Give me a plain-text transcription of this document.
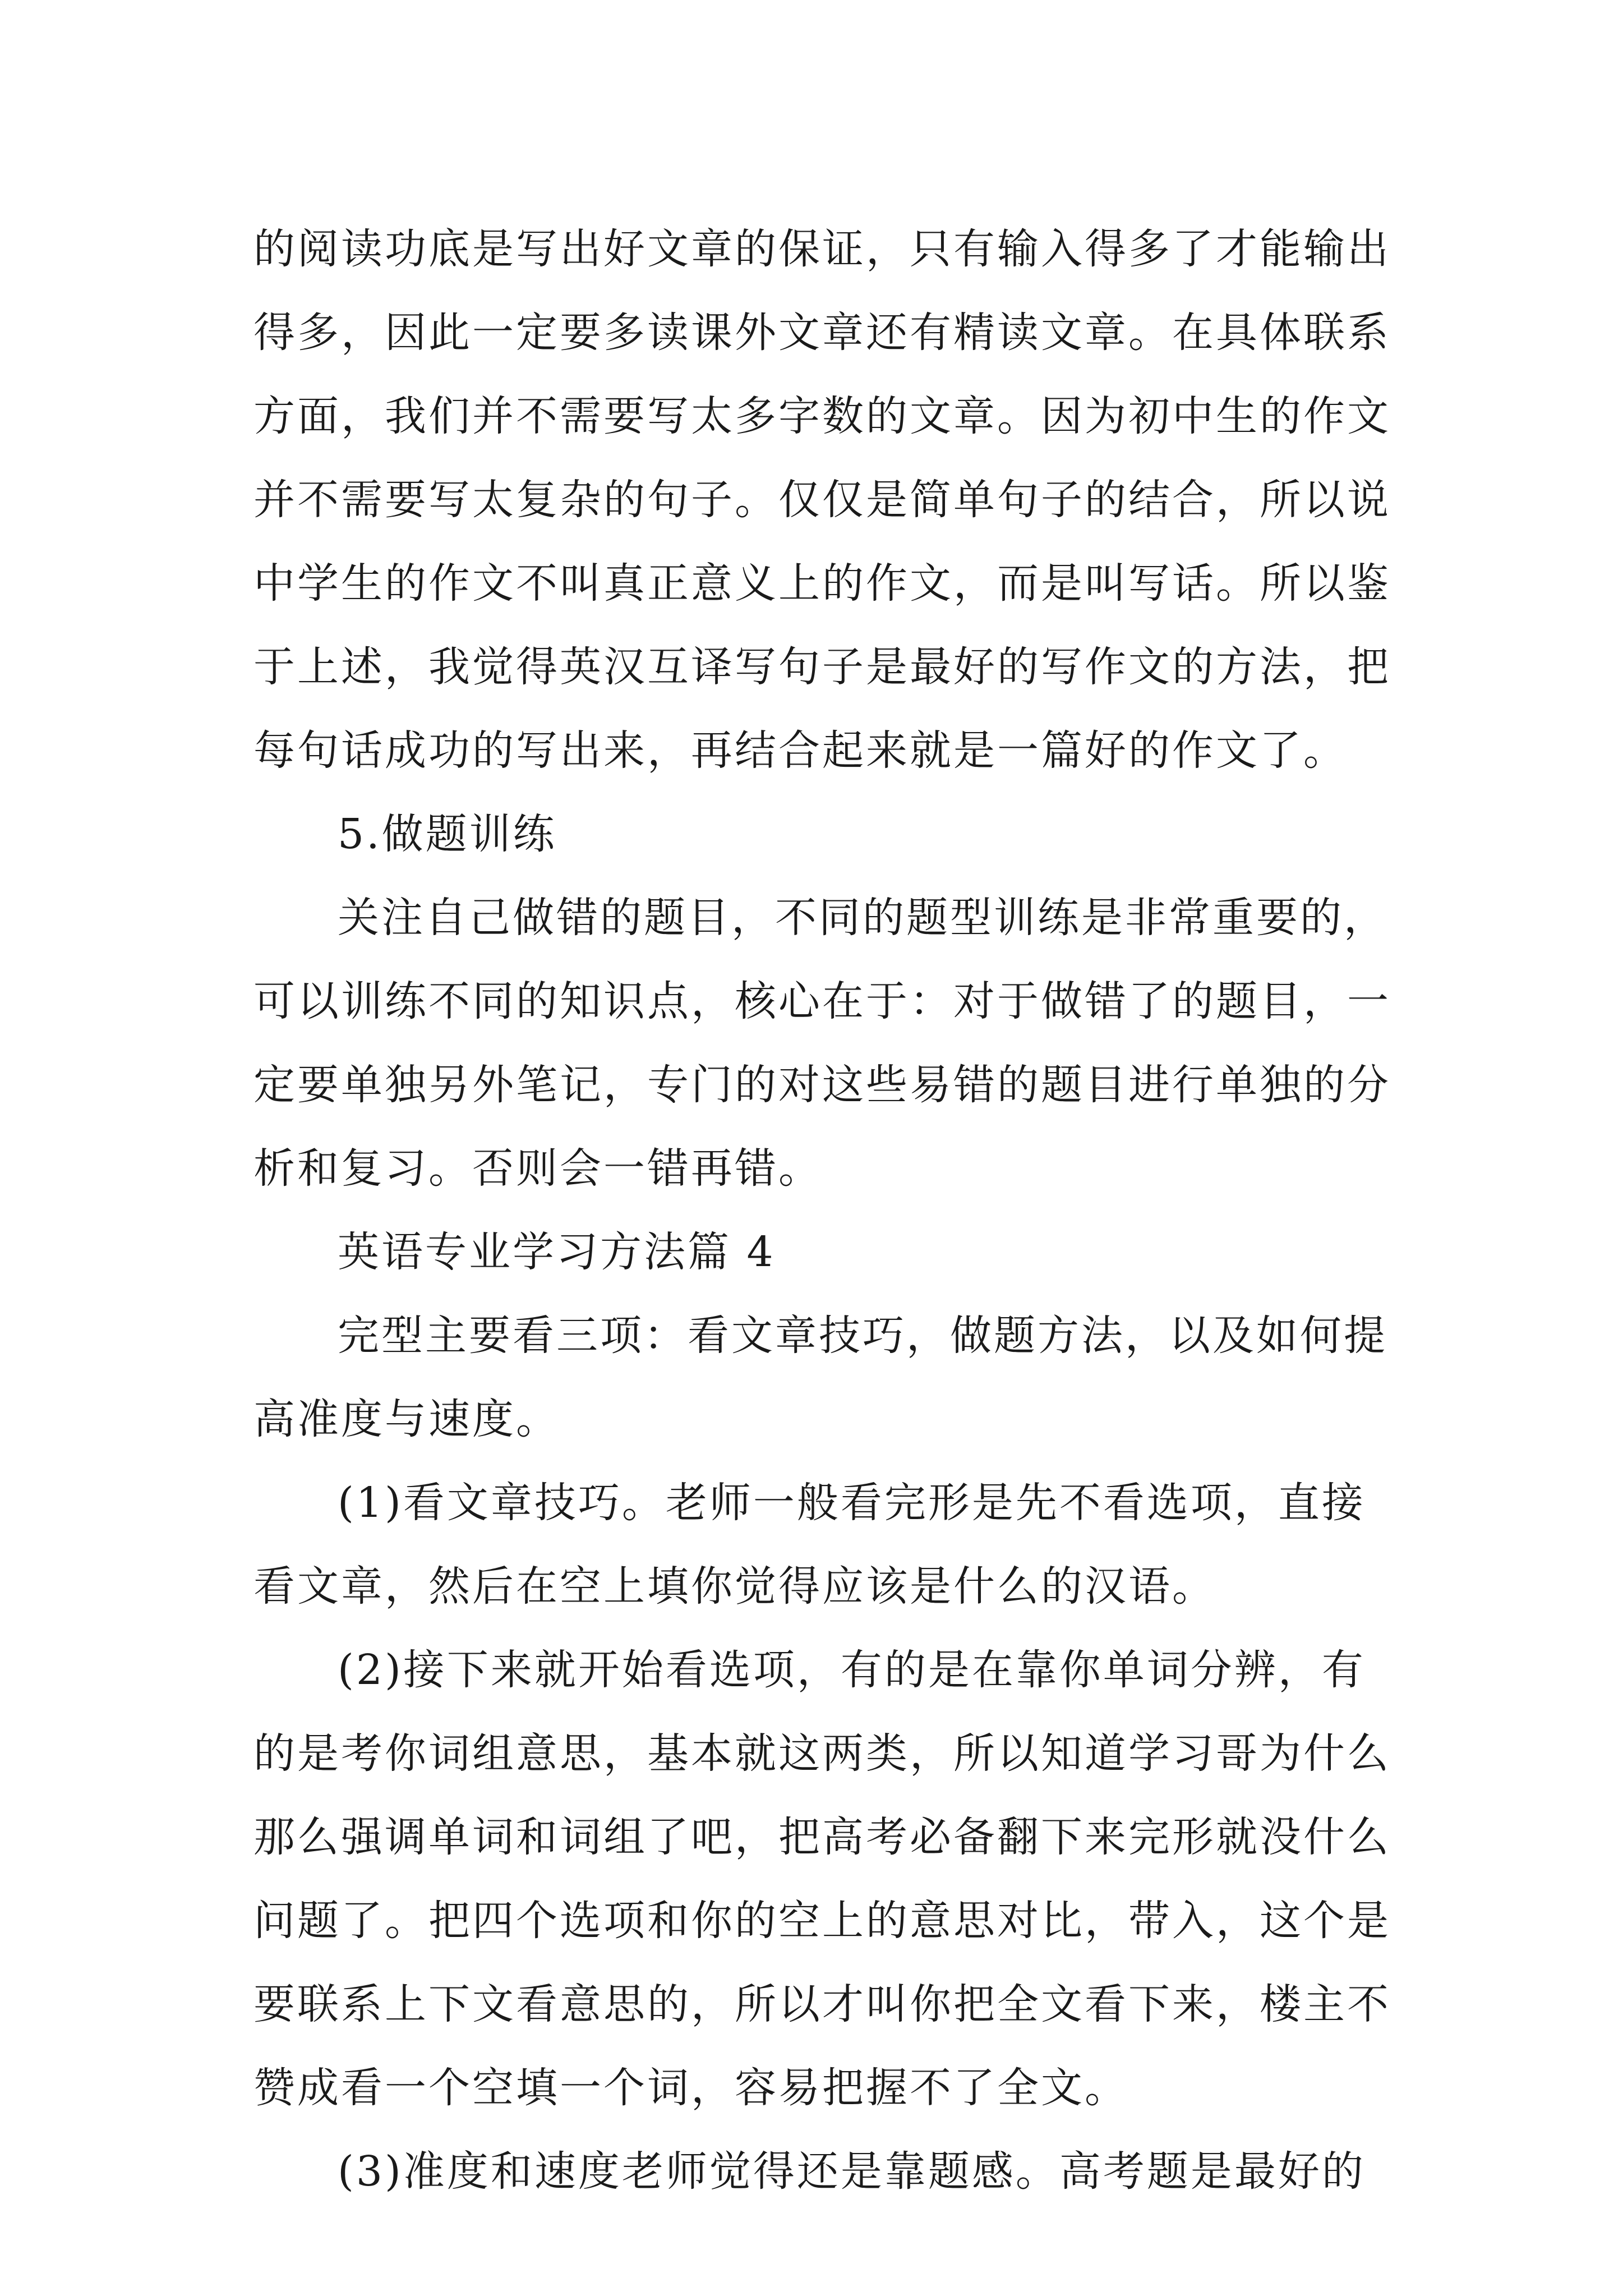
的阅读功底是写出好文章的保证，只有输入得多了才能输出
得多，因此一定要多读课外文章还有精读文章。在具体联系
方面，我们并不需要写太多字数的文章。因为初中生的作文
并不需要写太复杂的句子。仅仅是简单句子的结合，所以说
中学生的作文不叫真正意义上的作文，而是叫写话。所以鉴
于上述，我觉得英汉互译写句子是最好的写作文的方法，把
每句话成功的写出来，再结合起来就是一篇好的作文了。
5.做题训练
关注自己做错的题目，不同的题型训练是非常重要的，
可以训练不同的知识点，核心在于：对于做错了的题目，一
定要单独另外笔记，专门的对这些易错的题目进行单独的分
析和复习。否则会一错再错。
英语专业学习方法篇 4
完型主要看三项：看文章技巧，做题方法，以及如何提
高准度与速度。
(1)看文章技巧。老师一般看完形是先不看选项，直接
看文章，然后在空上填你觉得应该是什么的汉语。
(2)接下来就开始看选项，有的是在靠你单词分辨，有
的是考你词组意思，基本就这两类，所以知道学习哥为什么
那么强调单词和词组了吧，把高考必备翻下来完形就没什么
问题了。把四个选项和你的空上的意思对比，带入，这个是
要联系上下文看意思的，所以才叫你把全文看下来，楼主不
赞成看一个空填一个词，容易把握不了全文。
(3)准度和速度老师觉得还是靠题感。高考题是最好的
